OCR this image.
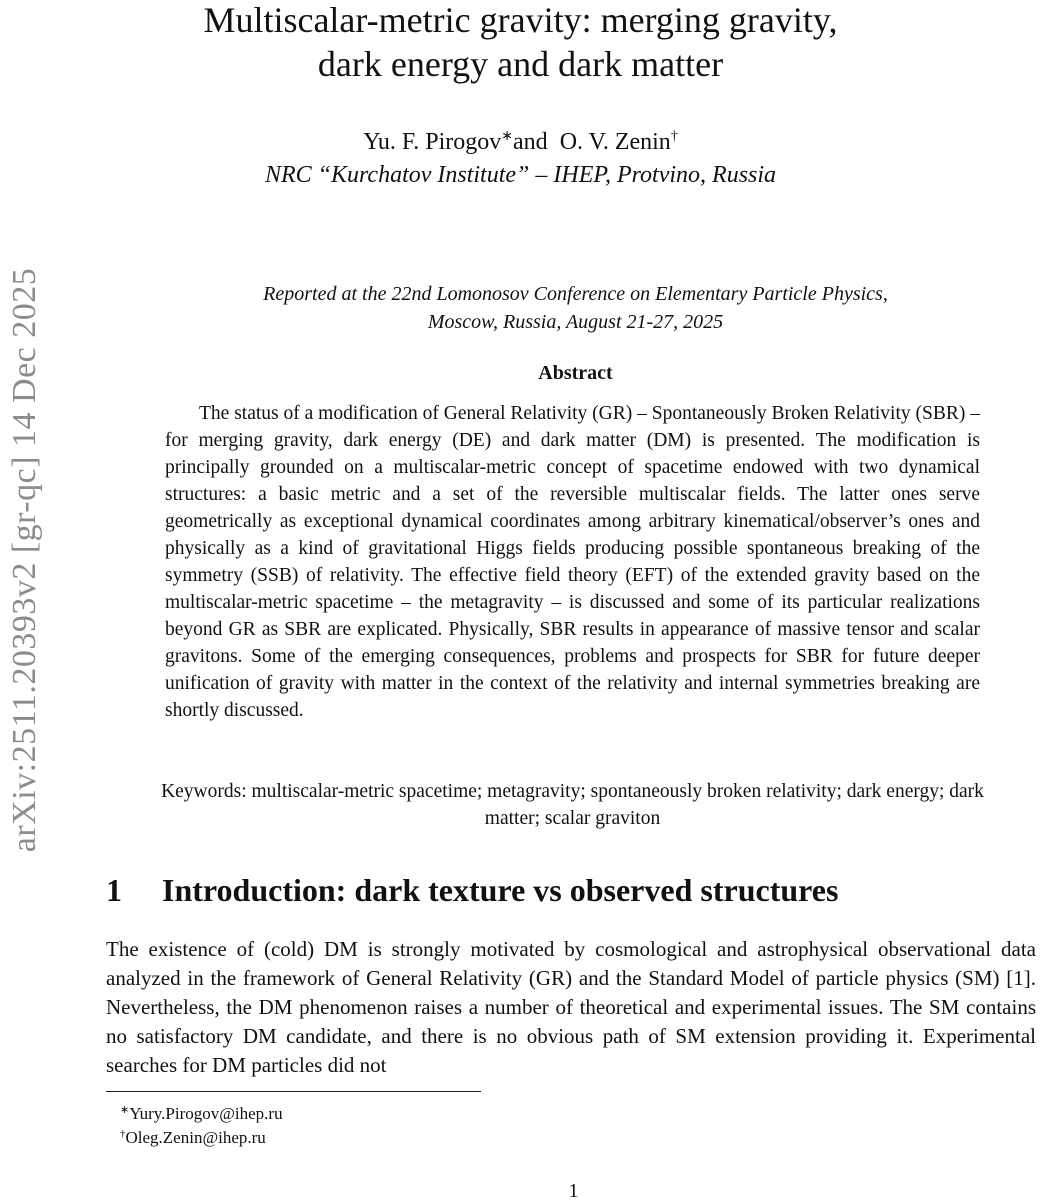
arXiv:2511.20393v2 [gr-qc] 14 Dec 2025
Multiscalar-metric gravity: merging gravity,
dark energy and dark matter
Yu. F. Pirogov∗and O. V. Zenin†
NRC “Kurchatov Institute” – IHEP, Protvino, Russia
Reported at the 22nd Lomonosov Conference on Elementary Particle Physics,
Moscow, Russia, August 21-27, 2025
Abstract

The status of a modification of General Relativity (GR) – Spontaneously Broken Relativity (SBR) – for merging gravity, dark energy (DE) and dark matter (DM) is presented. The modification is principally grounded on a multiscalar-metric concept of spacetime endowed with two dynamical structures: a basic metric and a set of the reversible multiscalar fields. The latter ones serve geometrically as exceptional dynamical coordinates among arbitrary kinematical/observer’s ones and physically as a kind of gravitational Higgs fields producing possible spontaneous breaking of the symmetry (SSB) of relativity. The effective field theory (EFT) of the extended gravity based on the multiscalar-metric spacetime – the metagravity – is discussed and some of its particular realizations beyond GR as SBR are explicated. Physically, SBR results in appearance of massive tensor and scalar gravitons. Some of the emerging consequences, problems and prospects for SBR for future deeper unification of gravity with matter in the context of the relativity and internal symmetries breaking are shortly discussed.

Keywords: multiscalar-metric spacetime; metagravity; spontaneously broken relativity; dark energy; dark matter; scalar graviton

1 Introduction: dark texture vs observed structures

The existence of (cold) DM is strongly motivated by cosmological and astrophysical observational data analyzed in the framework of General Relativity (GR) and the Standard Model of particle physics (SM) [1]. Nevertheless, the DM phenomenon raises a number of theoretical and experimental issues. The SM contains no satisfactory DM candidate, and there is no obvious path of SM extension providing it. Experimental searches for DM particles did not

∗Yury.Pirogov@ihep.ru
†Oleg.Zenin@ihep.ru
1
